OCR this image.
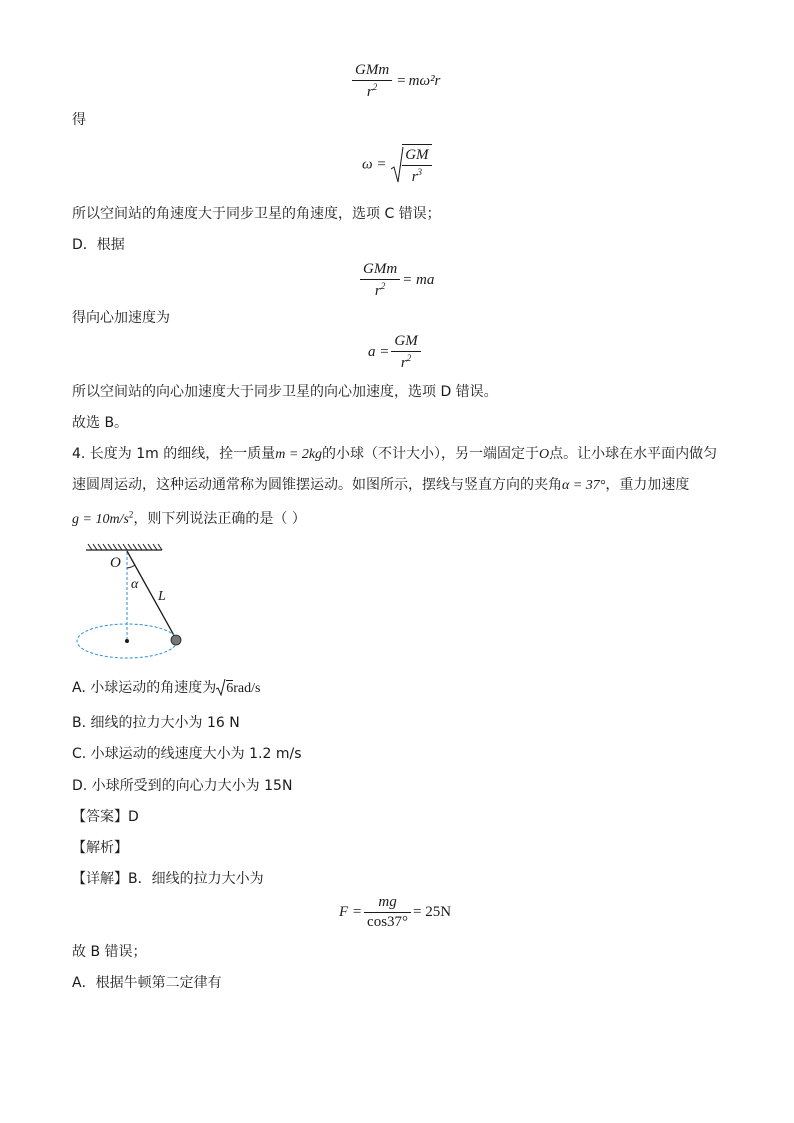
$\frac{\text{GMm}}{r^2} = m\omega^2r$
得
$\omega = \frac{GM}{r^3}$
所以空间站的角速度大于同步卫星的角速度，选项 C 错误；
D．根据
$\frac{\text{GMm}}{r^2}$ = ma
得向心加速度为
$a = \frac{GM}{r^2}$
所以空间站的向心加速度大于同步卫星的向心加速度，选项 D 错误。
故选 B。
4. 长度为 1m 的细线，拴一质量m = 2kg的小球（不计大小），另一端固定于O点。让小球在水平面内做匀
速圆周运动，这种运动通常称为圆锥摆运动。如图所示，摆线与竖直方向的夹角α = 37°，重力加速度
$g = 10m/s^2$，则下列说法正确的是（ ）
O
α
L
A. 小球运动的角速度为 6rad/s
B. 细线的拉力大小为 16 N
C. 小球运动的线速度大小为 1.2 m/s
D. 小球所受到的向心力大小为 15N
【答案】D
【解析】
【详解】B．细线的拉力大小为
$F = \frac{mg}{\cos 37^\circ} = 25N$
故 B 错误；
A．根据牛顿第二定律有
